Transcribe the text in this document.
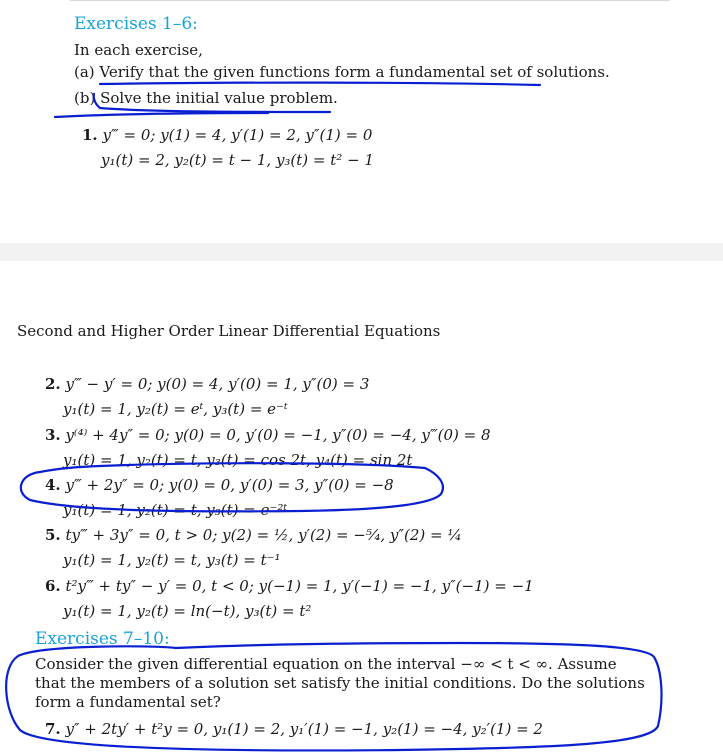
Exercises 1–6:
In each exercise,
(a) Verify that the given functions form a fundamental set of solutions.
(b) Solve the initial value problem.
1. y‴ = 0; y(1) = 4, y′(1) = 2, y″(1) = 0
y₁(t) = 2, y₂(t) = t − 1, y₃(t) = t² − 1
Second and Higher Order Linear Differential Equations
2. y‴ − y′ = 0; y(0) = 4, y′(0) = 1, y″(0) = 3
y₁(t) = 1, y₂(t) = eᵗ, y₃(t) = e⁻ᵗ
3. y⁽⁴⁾ + 4y″ = 0; y(0) = 0, y′(0) = −1, y″(0) = −4, y‴(0) = 8
y₁(t) = 1, y₂(t) = t, y₃(t) = cos 2t, y₄(t) = sin 2t
4. y‴ + 2y″ = 0; y(0) = 0, y′(0) = 3, y″(0) = −8
y₁(t) = 1, y₂(t) = t, y₃(t) = e⁻²ᵗ
5. ty‴ + 3y″ = 0, t > 0; y(2) = ½, y′(2) = −⁵⁄₄, y″(2) = ¼
y₁(t) = 1, y₂(t) = t, y₃(t) = t⁻¹
6. t²y‴ + ty″ − y′ = 0, t < 0; y(−1) = 1, y′(−1) = −1, y″(−1) = −1
y₁(t) = 1, y₂(t) = ln(−t), y₃(t) = t²
Exercises 7–10:
Consider the given differential equation on the interval −∞ < t < ∞. Assume that the members of a solution set satisfy the initial conditions. Do the solutions form a fundamental set?
7. y″ + 2ty′ + t²y = 0, y₁(1) = 2, y₁′(1) = −1, y₂(1) = −4, y₂′(1) = 2
